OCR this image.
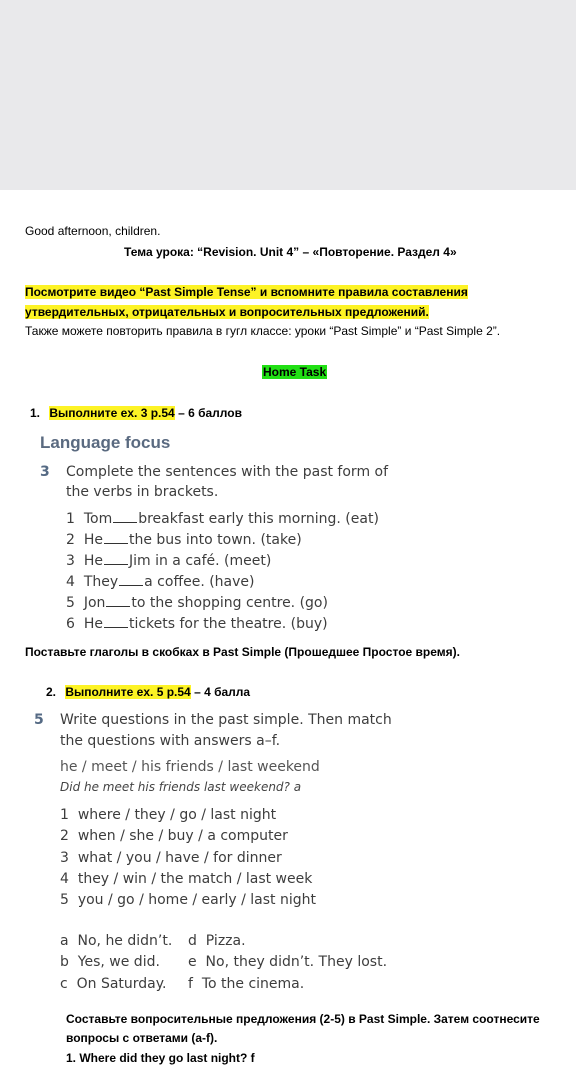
Good afternoon, children.
Тема урока: “Revision. Unit 4” – «Повторение. Раздел 4»
Посмотрите видео “Past Simple Tense” и вспомните правила составления
утвердительных, отрицательных и вопросительных предложений.
Также можете повторить правила в гугл классе: уроки “Past Simple” и “Past Simple 2”.
Home Task
1. Выполните ex. 3 p.54 – 6 баллов
Language focus
3 Complete the sentences with the past form of
the verbs in brackets.
1 Tom breakfast early this morning. (eat)
2 He the bus into town. (take)
3 He Jim in a café. (meet)
4 They a coffee. (have)
5 Jon to the shopping centre. (go)
6 He tickets for the theatre. (buy)
Поставьте глаголы в скобках в Past Simple (Прошедшее Простое время).
2. Выполните ex. 5 p.54 – 4 балла
5 Write questions in the past simple. Then match
the questions with answers a–f.
he / meet / his friends / last weekend
Did he meet his friends last weekend? a
1 where / they / go / last night
2 when / she / buy / a computer
3 what / you / have / for dinner
4 they / win / the match / last week
5 you / go / home / early / last night
a No, he didn’t.
b Yes, we did.
c On Saturday.
d Pizza.
e No, they didn’t. They lost.
f To the cinema.
Составьте вопросительные предложения (2-5) в Past Simple. Затем соотнесите
вопросы с ответами (a-f).
1. Where did they go last night? f
